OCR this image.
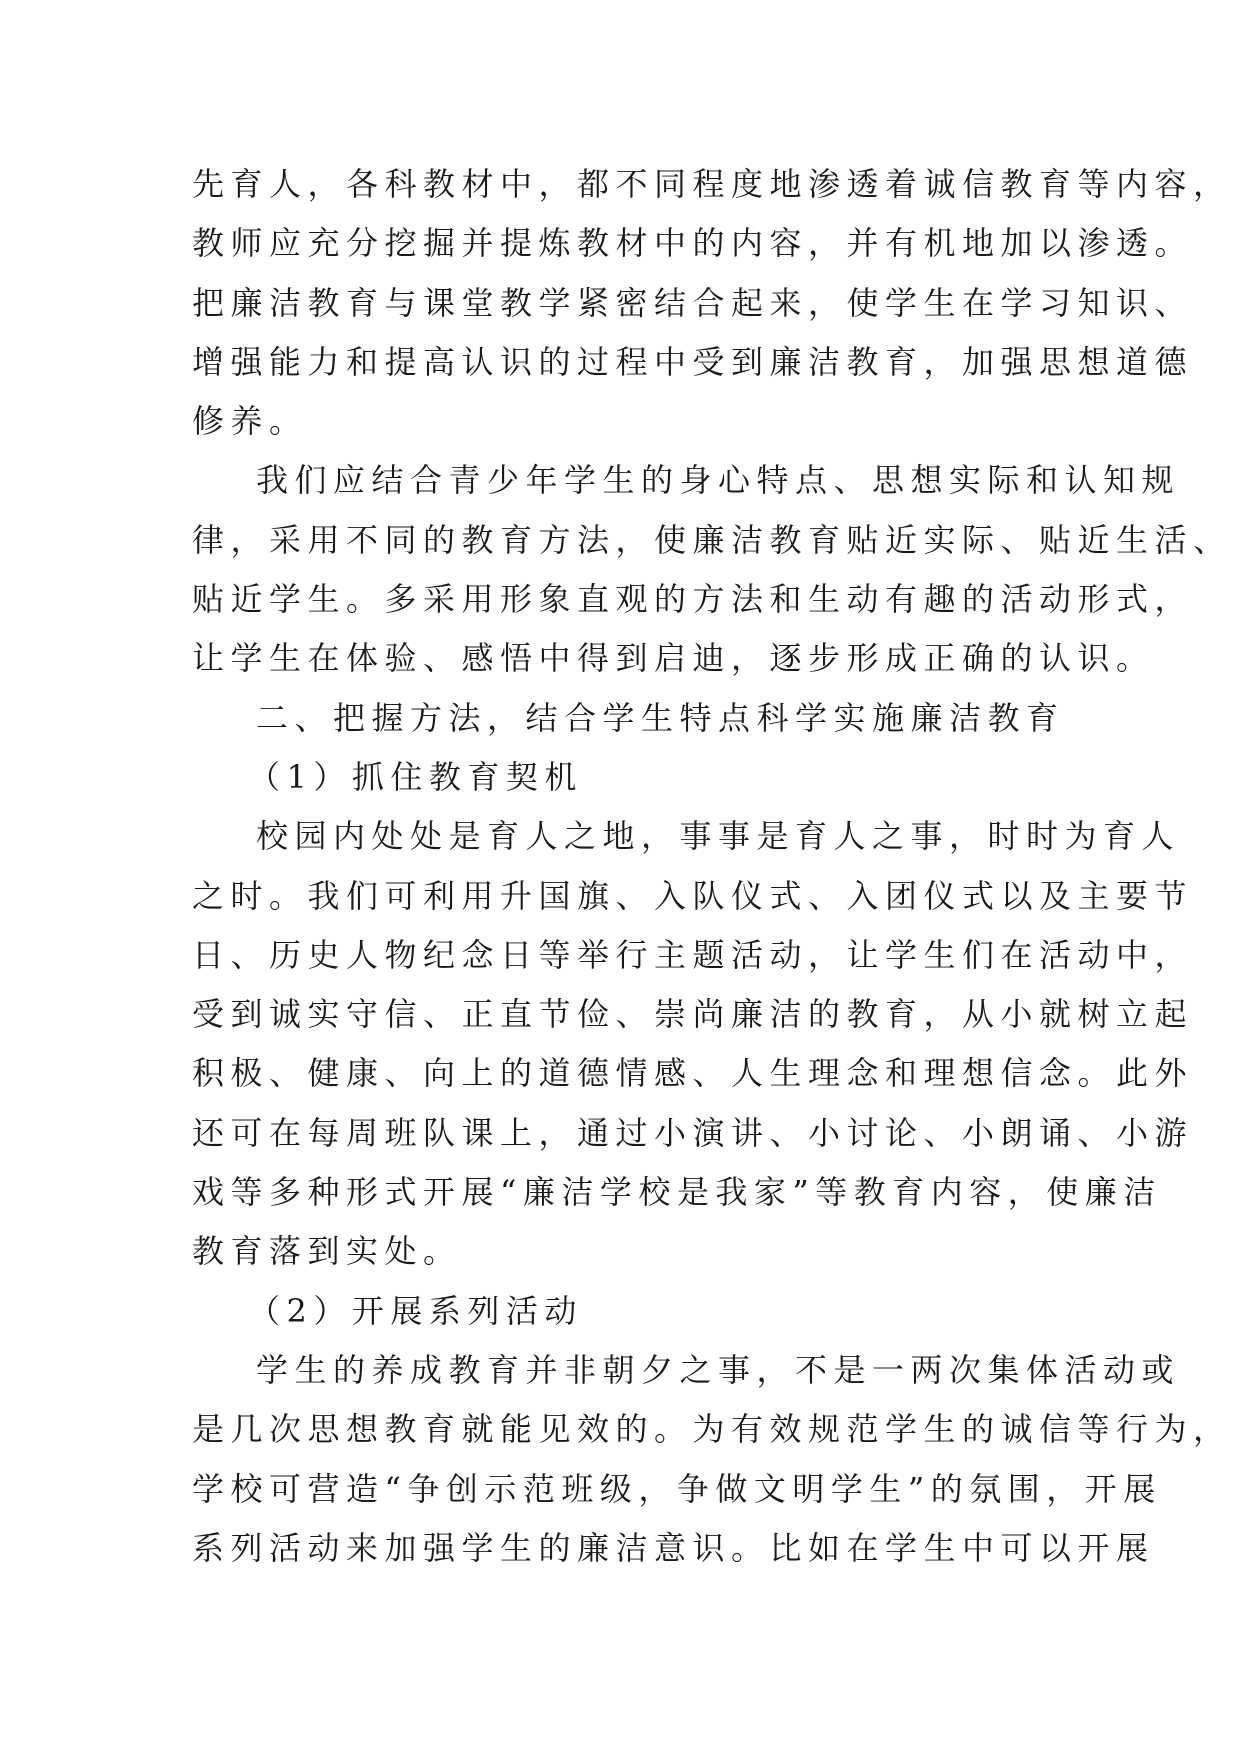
先育人，各科教材中，都不同程度地渗透着诚信教育等内容，
教师应充分挖掘并提炼教材中的内容，并有机地加以渗透。
把廉洁教育与课堂教学紧密结合起来，使学生在学习知识、
增强能力和提高认识的过程中受到廉洁教育，加强思想道德
修养。
我们应结合青少年学生的身心特点、思想实际和认知规
律，采用不同的教育方法，使廉洁教育贴近实际、贴近生活、
贴近学生。多采用形象直观的方法和生动有趣的活动形式，
让学生在体验、感悟中得到启迪，逐步形成正确的认识。
二、把握方法，结合学生特点科学实施廉洁教育
（1）抓住教育契机
校园内处处是育人之地，事事是育人之事，时时为育人
之时。我们可利用升国旗、入队仪式、入团仪式以及主要节
日、历史人物纪念日等举行主题活动，让学生们在活动中，
受到诚实守信、正直节俭、崇尚廉洁的教育，从小就树立起
积极、健康、向上的道德情感、人生理念和理想信念。此外
还可在每周班队课上，通过小演讲、小讨论、小朗诵、小游
戏等多种形式开展“廉洁学校是我家”等教育内容，使廉洁
教育落到实处。
（2）开展系列活动
学生的养成教育并非朝夕之事，不是一两次集体活动或
是几次思想教育就能见效的。为有效规范学生的诚信等行为，
学校可营造“争创示范班级，争做文明学生”的氛围，开展
系列活动来加强学生的廉洁意识。比如在学生中可以开展
